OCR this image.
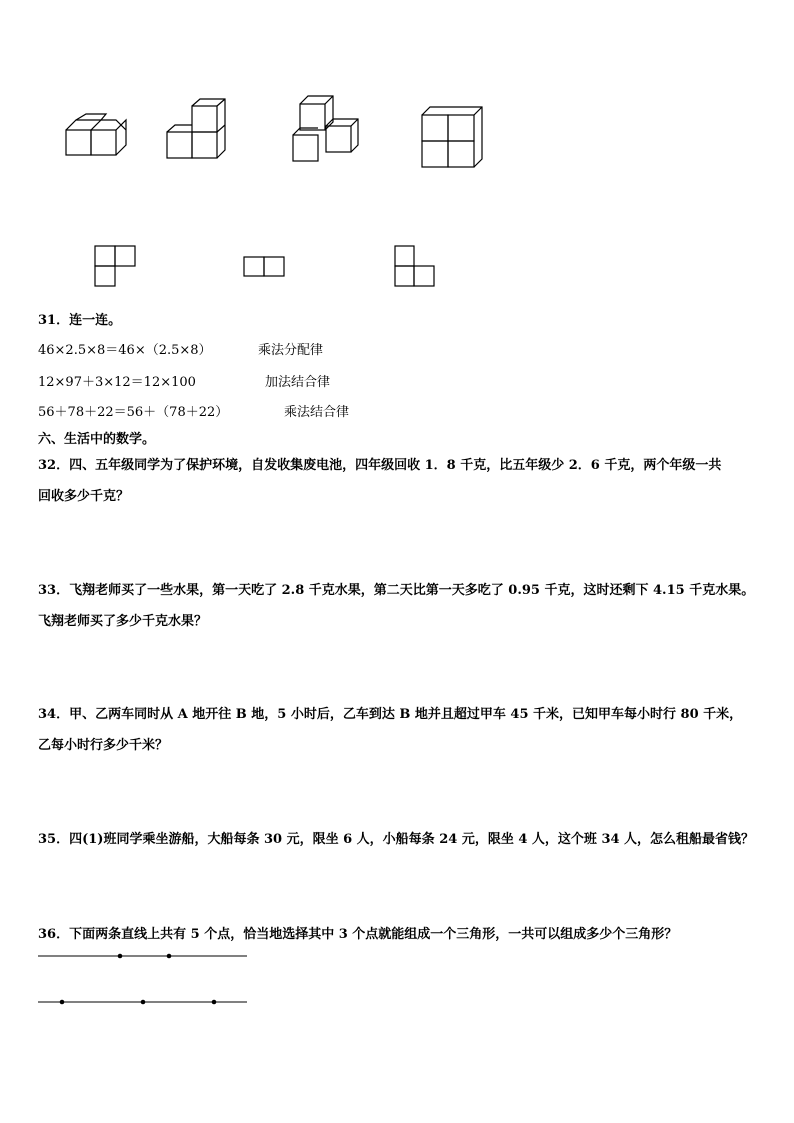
31．连一连。
46×2.5×8＝46×（2.5×8）	乘法分配律
12×97＋3×12＝12×100	加法结合律
56＋78＋22＝56＋（78＋22）	乘法结合律
六、生活中的数学。
32．四、五年级同学为了保护环境，自发收集废电池，四年级回收 1．8 千克，比五年级少 2．6 千克，两个年级一共
回收多少千克？
33．飞翔老师买了一些水果，第一天吃了 2.8 千克水果，第二天比第一天多吃了 0.95 千克，这时还剩下 4.15 千克水果。
飞翔老师买了多少千克水果？
34．甲、乙两车同时从 A 地开往 B 地，5 小时后，乙车到达 B 地并且超过甲车 45 千米，已知甲车每小时行 80 千米，
乙每小时行多少千米？
35．四(1)班同学乘坐游船，大船每条 30 元，限坐 6 人，小船每条 24 元，限坐 4 人，这个班 34 人，怎么租船最省钱？
36．下面两条直线上共有 5 个点，恰当地选择其中 3 个点就能组成一个三角形，一共可以组成多少个三角形？
